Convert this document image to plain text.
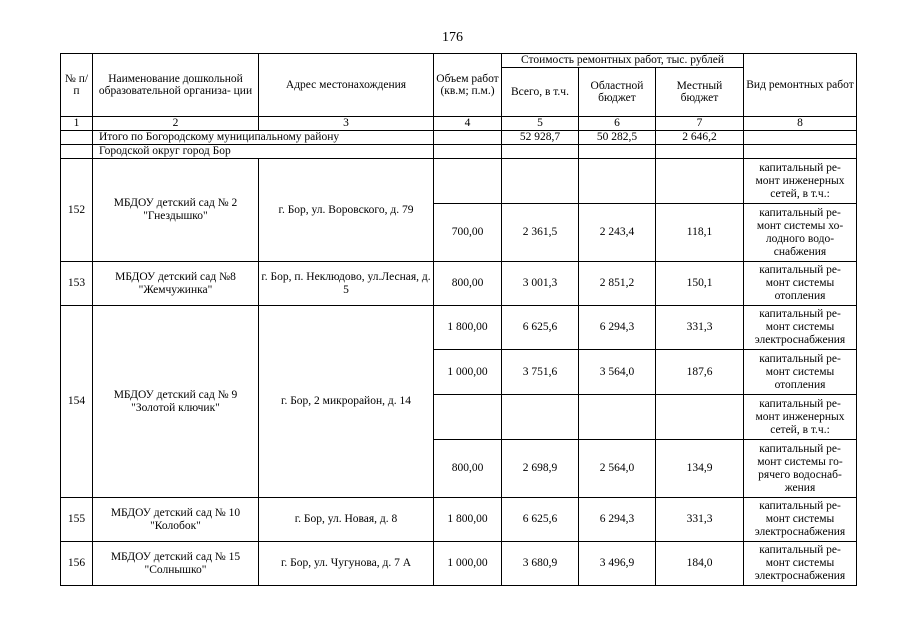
176
№ п/п	Наименование дошкольной образовательной организа- ции	Адрес местонахождения	Объем работ (кв.м; п.м.)	Стоимость ремонтных работ, тыс. рублей			Вид ремонтных работ
				Всего, в т.ч.	Областной бюджет	Местный бюджет	
1	2	3	4	5	6	7	8
	Итого по Богородскому муниципальному району			52 928,7	50 282,5	2 646,2	
	Городской округ город Бор						
152	МБДОУ детский сад № 2 "Гнездышко"	г. Бор, ул. Воровского, д. 79					капитальный ре- монт инженерных сетей, в т.ч.:
			700,00	2 361,5	2 243,4	118,1	капитальный ре- монт системы хо- лодного водо- снабжения
153	МБДОУ детский сад №8 "Жемчужинка"	г. Бор, п. Неклюдово, ул.Лесная, д. 5	800,00	3 001,3	2 851,2	150,1	капитальный ре- монт системы отопления
154	МБДОУ детский сад № 9 "Золотой ключик"	г. Бор, 2 микрорайон, д. 14	1 800,00	6 625,6	6 294,3	331,3	капитальный ре- монт системы электроснабжения
			1 000,00	3 751,6	3 564,0	187,6	капитальный ре- монт системы отопления
							капитальный ре- монт инженерных сетей, в т.ч.:
			800,00	2 698,9	2 564,0	134,9	капитальный ре- монт системы го- рячего водоснаб- жения
155	МБДОУ детский сад № 10 "Колобок"	г. Бор, ул. Новая, д. 8	1 800,00	6 625,6	6 294,3	331,3	капитальный ре- монт системы электроснабжения
156	МБДОУ детский сад № 15 "Солнышко"	г. Бор, ул. Чугунова, д. 7 А	1 000,00	3 680,9	3 496,9	184,0	капитальный ре- монт системы электроснабжения
